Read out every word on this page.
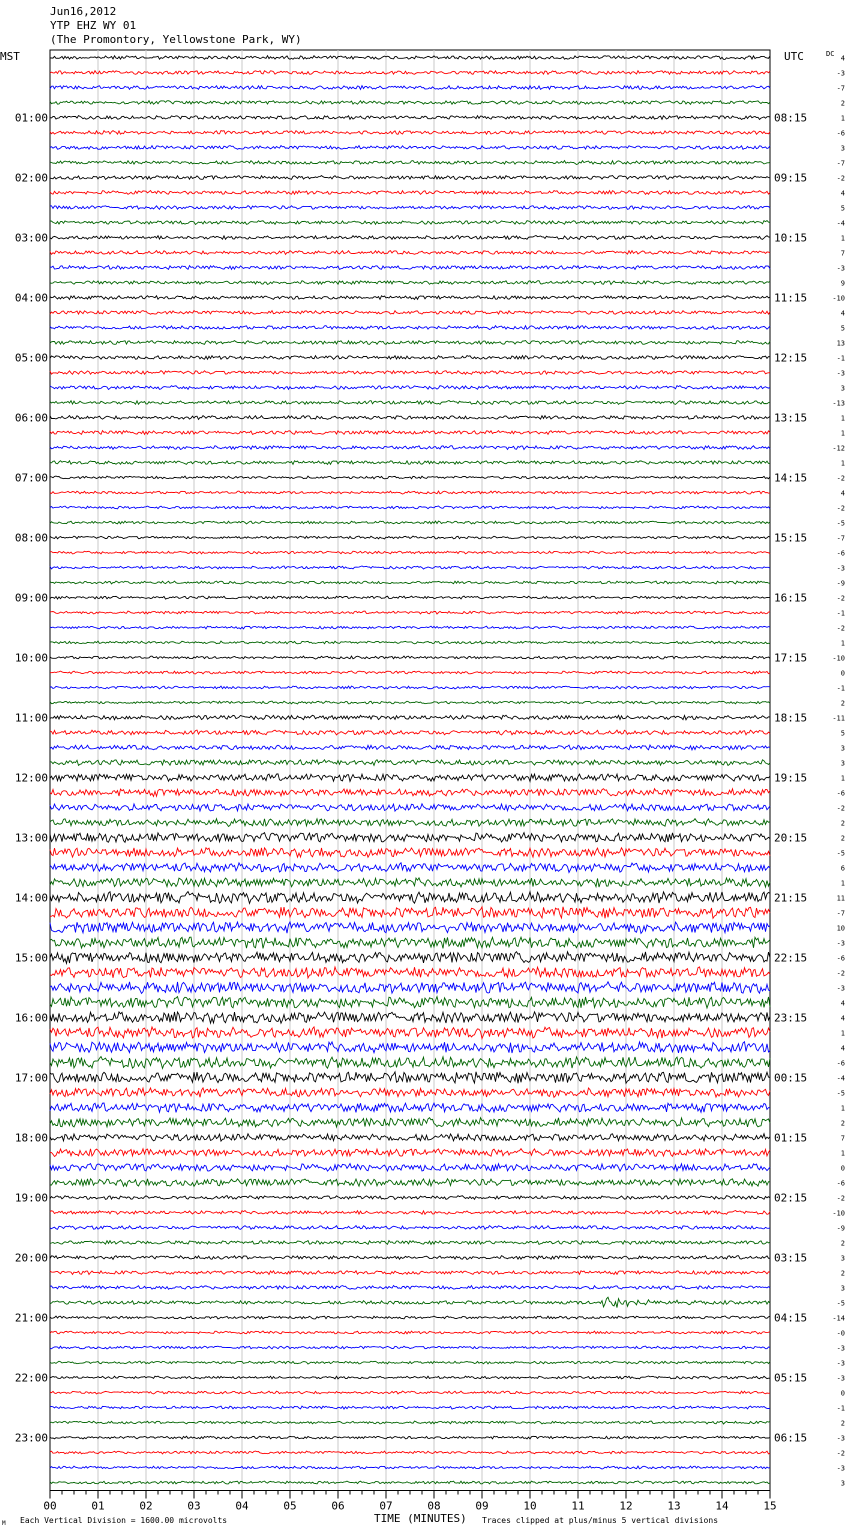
Jun16,2012
YTP EHZ WY 01
(The Promontory, Yellowstone Park, WY)
MST	UTC	DC
01:00
02:00
03:00
04:00
05:00
06:00
07:00
08:00
09:00
10:00
11:00
12:00
13:00
14:00
15:00
16:00
17:00
18:00
19:00
20:00
21:00
22:00
23:00
08:15
09:15
10:15
11:15
12:15
13:15
14:15
15:15
16:15
17:15
18:15
19:15
20:15
21:15
22:15
23:15
00:15
01:15
02:15
03:15
04:15
05:15
06:15
4
-3
-7
2
1
-6
3
-7
-2
4
5
-4
1
7
-3
9
-10
4
5
13
-1
-3
3
-13
1
1
-12
1
-2
4
-2
-5
-7
-6
-3
-9
-2
-1
-2
1
-10
0
-1
2
-11
5
3
3
1
-6
-2
2
2
-5
6
1
11
-7
10
-3
-6
-2
-3
4
4
1
4
-6
-4
-5
1
2
7
1
0
-6
-2
-10
-9
2
3
2
3
-5
-14
-0
-3
-3
-3
0
-1
2
-3
-2
-3
3
00	01	02	03	04	05	06	07	08	09	10	11	12	13	14	15
M Each Vertical Division = 1600.00 microvolts	TIME (MINUTES) Traces clipped at plus/minus 5 vertical divisions
